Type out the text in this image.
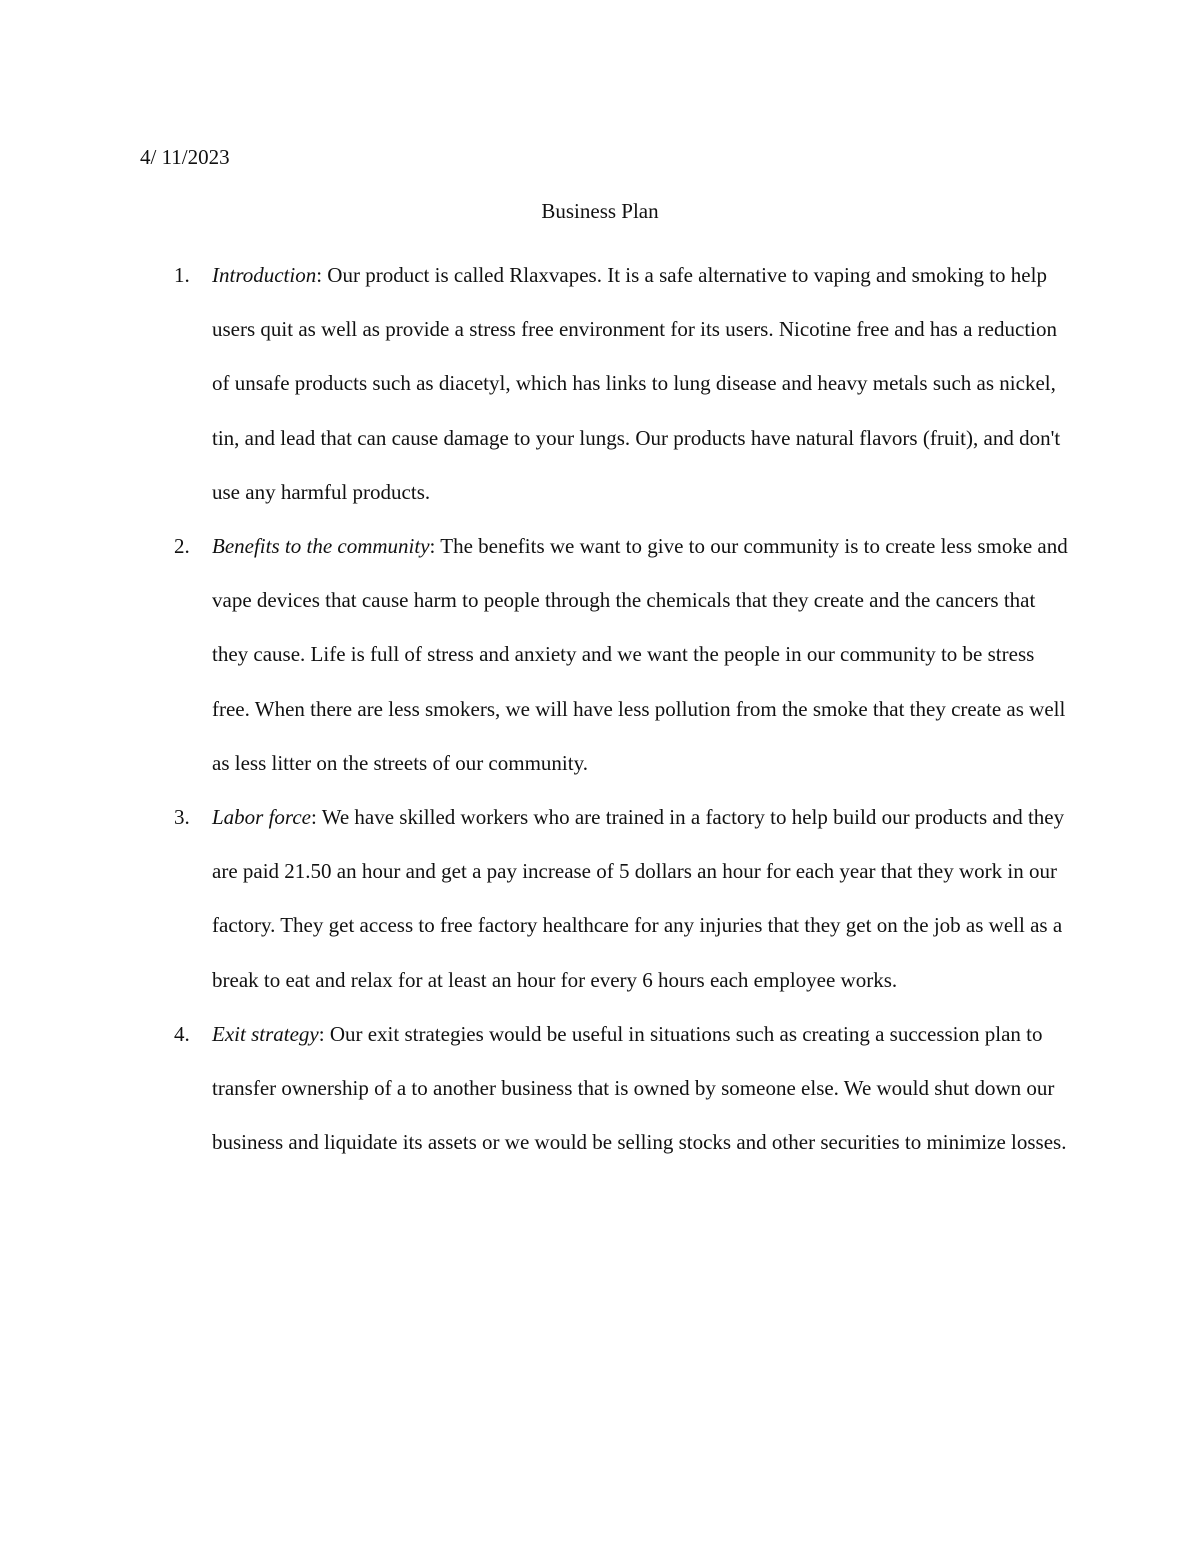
4/ 11/2023

Business Plan
1.	Introduction: Our product is called Rlaxvapes. It is a safe alternative to vaping and smoking to help users quit as well as provide a stress free environment for its users. Nicotine free and has a reduction of unsafe products such as diacetyl, which has links to lung disease and heavy metals such as nickel, tin, and lead that can cause damage to your lungs. Our products have natural flavors (fruit), and don't use any harmful products.
2.	Benefits to the community: The benefits we want to give to our community is to create less smoke and vape devices that cause harm to people through the chemicals that they create and the cancers that they cause. Life is full of stress and anxiety and we want the people in our community to be stress free. When there are less smokers, we will have less pollution from the smoke that they create as well as less litter on the streets of our community.
3.	Labor force: We have skilled workers who are trained in a factory to help build our products and they are paid 21.50 an hour and get a pay increase of 5 dollars an hour for each year that they work in our factory. They get access to free factory healthcare for any injuries that they get on the job as well as a break to eat and relax for at least an hour for every 6 hours each employee works.
4.	Exit strategy: Our exit strategies would be useful in situations such as creating a succession plan to transfer ownership of a to another business that is owned by someone else. We would shut down our business and liquidate its assets or we would be selling stocks and other securities to minimize losses.
